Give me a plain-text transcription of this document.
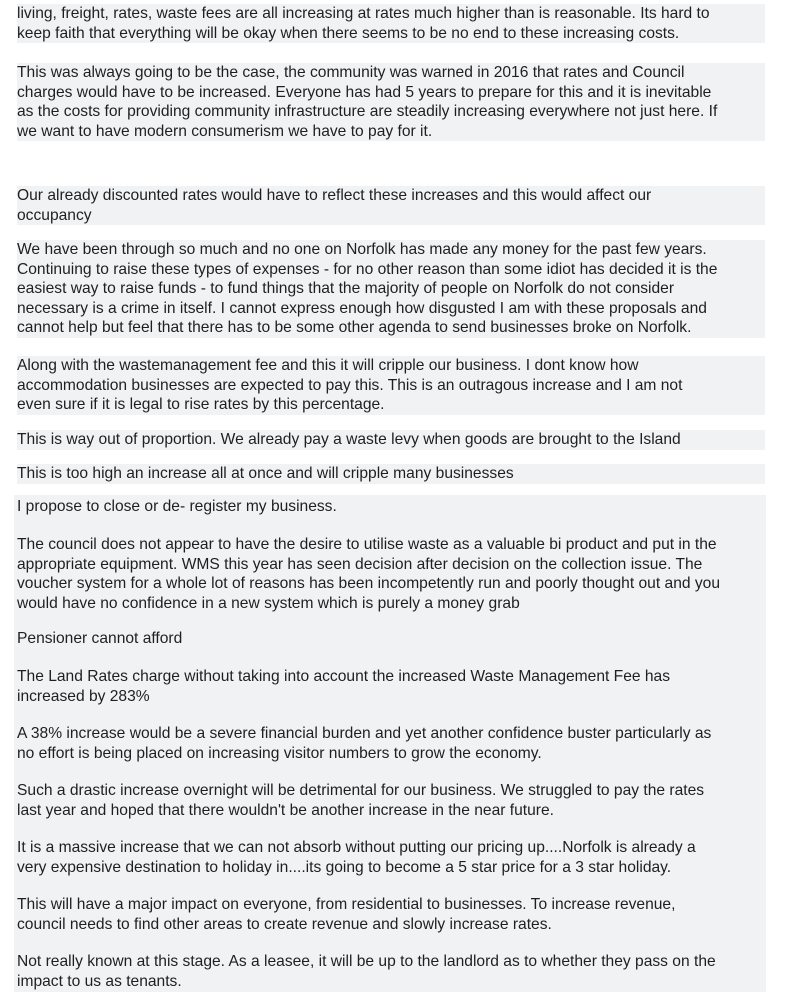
living, freight, rates, waste fees are all increasing at rates much higher than is reasonable. Its hard to
keep faith that everything will be okay when there seems to be no end to these increasing costs.
This was always going to be the case, the community was warned in 2016 that rates and Council
charges would have to be increased. Everyone has had 5 years to prepare for this and it is inevitable
as the costs for providing community infrastructure are steadily increasing everywhere not just here. If
we want to have modern consumerism we have to pay for it.
Our already discounted rates would have to reflect these increases and this would affect our
occupancy
We have been through so much and no one on Norfolk has made any money for the past few years.
Continuing to raise these types of expenses - for no other reason than some idiot has decided it is the
easiest way to raise funds - to fund things that the majority of people on Norfolk do not consider
necessary is a crime in itself. I cannot express enough how disgusted I am with these proposals and
cannot help but feel that there has to be some other agenda to send businesses broke on Norfolk.
Along with the wastemanagement fee and this it will cripple our business. I dont know how
accommodation businesses are expected to pay this. This is an outragous increase and I am not
even sure if it is legal to rise rates by this percentage.
This is way out of proportion. We already pay a waste levy when goods are brought to the Island
This is too high an increase all at once and will cripple many businesses
I propose to close or de- register my business.
The council does not appear to have the desire to utilise waste as a valuable bi product and put in the
appropriate equipment. WMS this year has seen decision after decision on the collection issue. The
voucher system for a whole lot of reasons has been incompetently run and poorly thought out and you
would have no confidence in a new system which is purely a money grab
Pensioner cannot afford
The Land Rates charge without taking into account the increased Waste Management Fee has
increased by 283%
A 38% increase would be a severe financial burden and yet another confidence buster particularly as
no effort is being placed on increasing visitor numbers to grow the economy.
Such a drastic increase overnight will be detrimental for our business. We struggled to pay the rates
last year and hoped that there wouldn't be another increase in the near future.
It is a massive increase that we can not absorb without putting our pricing up....Norfolk is already a
very expensive destination to holiday in....its going to become a 5 star price for a 3 star holiday.
This will have a major impact on everyone, from residential to businesses. To increase revenue,
council needs to find other areas to create revenue and slowly increase rates.
Not really known at this stage. As a leasee, it will be up to the landlord as to whether they pass on the
impact to us as tenants.
